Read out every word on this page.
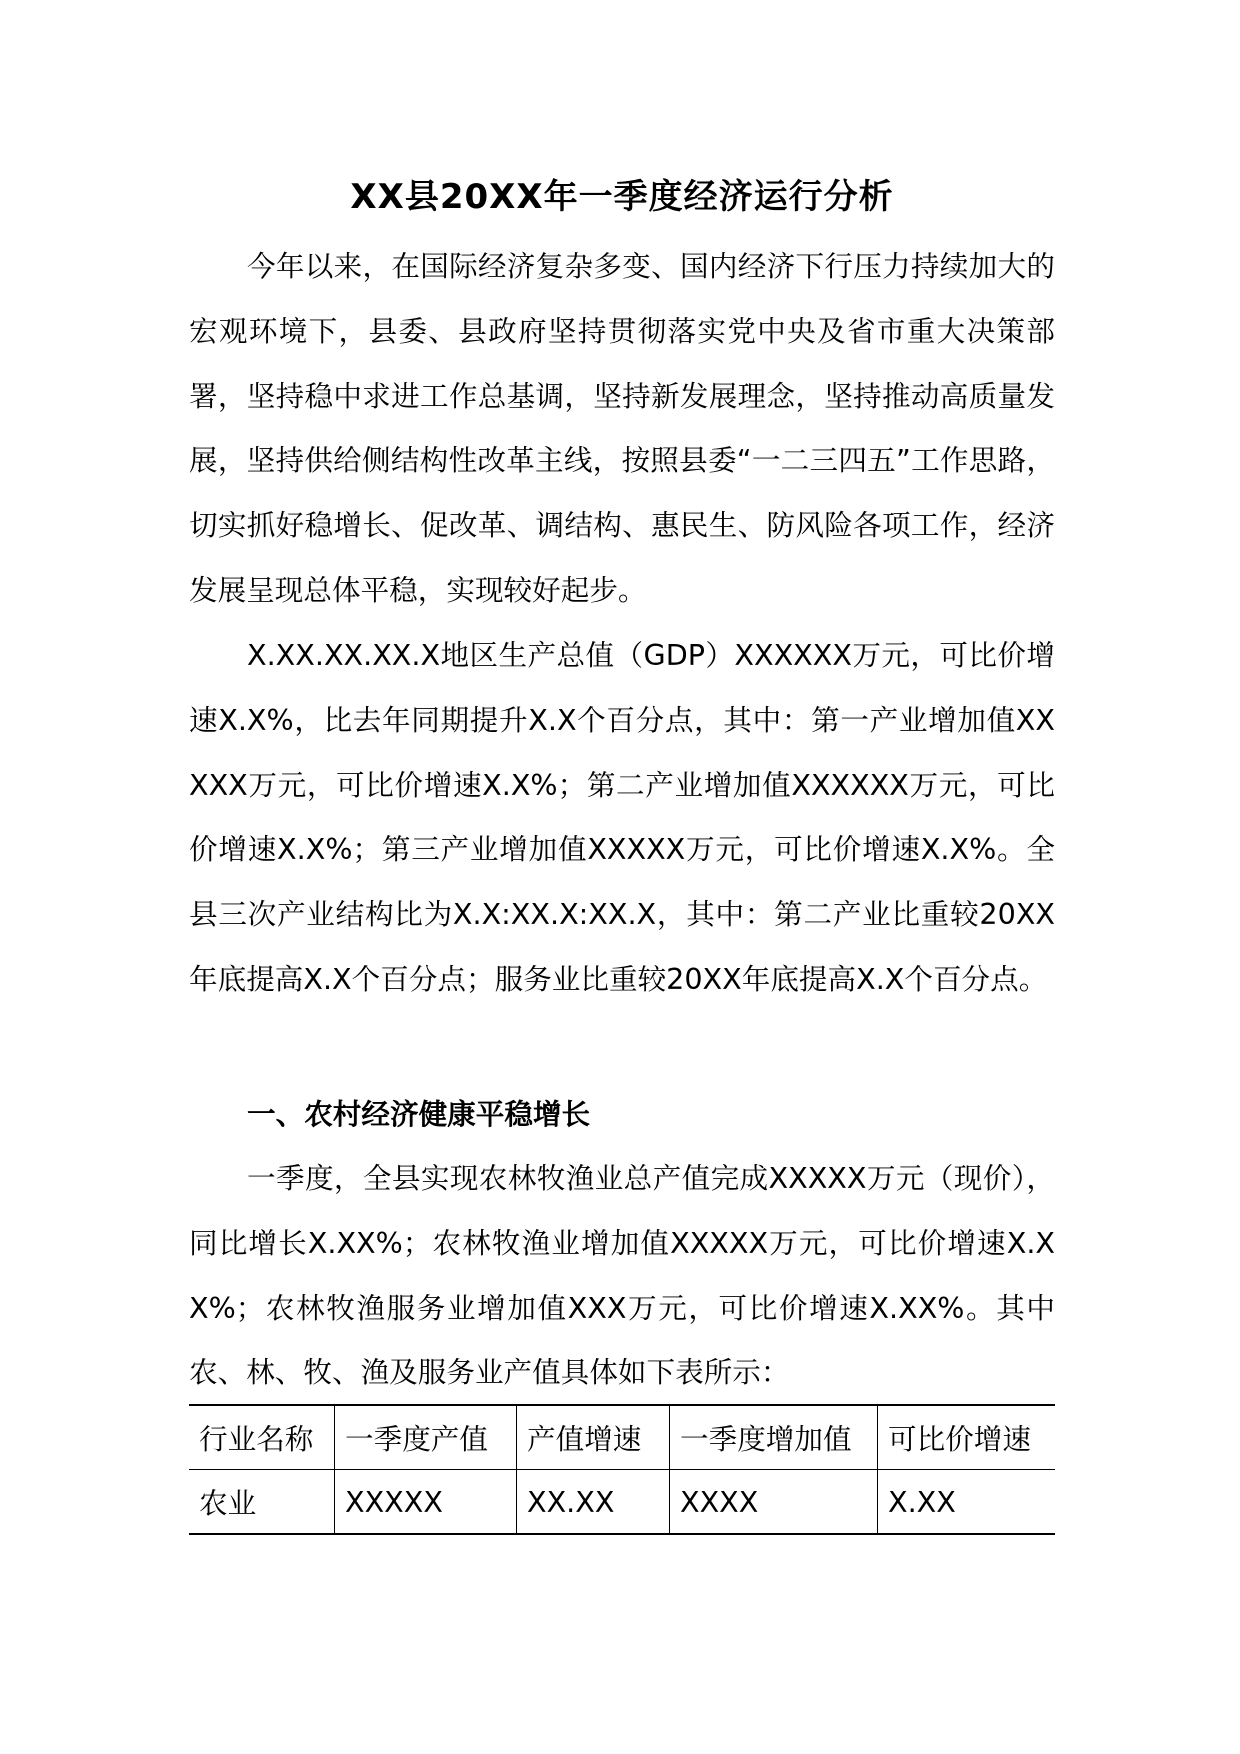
XX县20XX年一季度经济运行分析

今年以来，在国际经济复杂多变、国内经济下行压力持续加大的宏观环境下，县委、县政府坚持贯彻落实党中央及省市重大决策部署，坚持稳中求进工作总基调，坚持新发展理念，坚持推动高质量发展，坚持供给侧结构性改革主线，按照县委“一二三四五”工作思路，切实抓好稳增长、促改革、调结构、惠民生、防风险各项工作，经济发展呈现总体平稳，实现较好起步。

X.XX.XX.XX.X地区生产总值（GDP）XXXXXX万元，可比价增速X.X%，比去年同期提升X.X个百分点，其中：第一产业增加值XXXXX万元，可比价增速X.X%；第二产业增加值XXXXXX万元，可比价增速X.X%；第三产业增加值XXXXX万元，可比价增速X.X%。全县三次产业结构比为X.X:XX.X:XX.X，其中：第二产业比重较20XX年底提高X.X个百分点；服务业比重较20XX年底提高X.X个百分点。

一、农村经济健康平稳增长

一季度，全县实现农林牧渔业总产值完成XXXXX万元（现价），同比增长X.XX%；农林牧渔业增加值XXXXX万元，可比价增速X.XX%；农林牧渔服务业增加值XXX万元，可比价增速X.XX%。其中农、林、牧、渔及服务业产值具体如下表所示：

行业名称	一季度产值	产值增速	一季度增加值	可比价增速
农业	XXXXX	XX.XX	XXXX	X.XX
